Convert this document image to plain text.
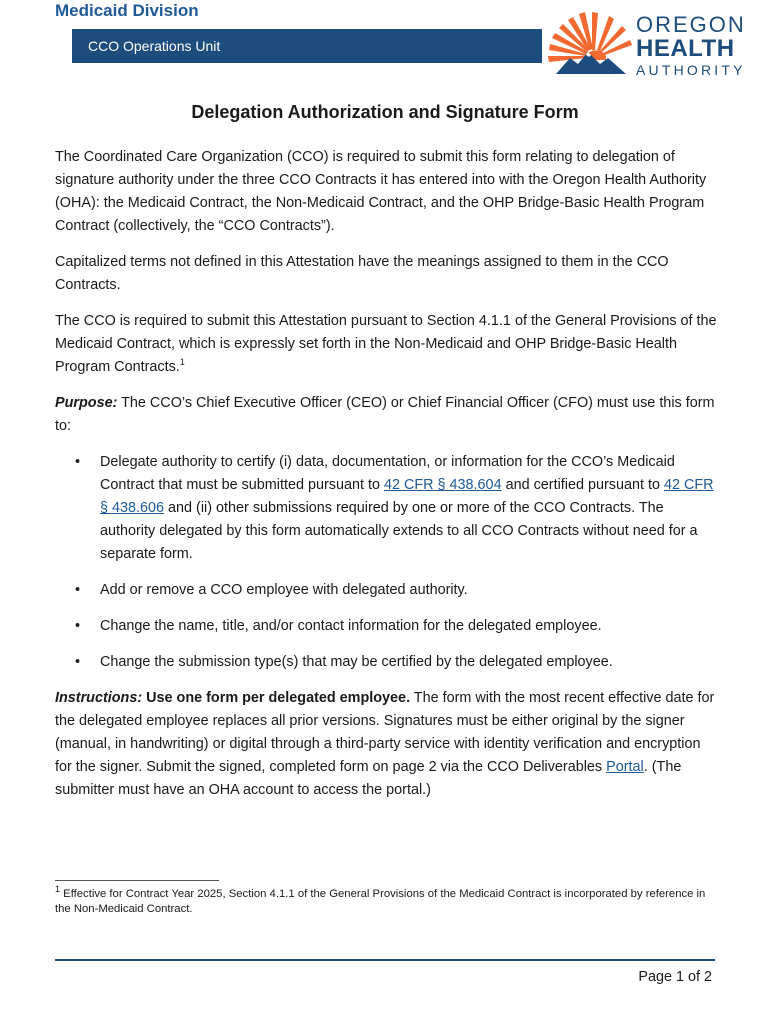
Medicaid Division
CCO Operations Unit
OREGON
HEALTH
AUTHORITY
Delegation Authorization and Signature Form

The Coordinated Care Organization (CCO) is required to submit this form relating to delegation of signature authority under the three CCO Contracts it has entered into with the Oregon Health Authority (OHA): the Medicaid Contract, the Non-Medicaid Contract, and the OHP Bridge-Basic Health Program Contract (collectively, the “CCO Contracts”).

Capitalized terms not defined in this Attestation have the meanings assigned to them in the CCO Contracts.

The CCO is required to submit this Attestation pursuant to Section 4.1.1 of the General Provisions of the Medicaid Contract, which is expressly set forth in the Non-Medicaid and OHP Bridge-Basic Health Program Contracts.$^1$

Purpose: The CCO’s Chief Executive Officer (CEO) or Chief Financial Officer (CFO) must use this form to:

• Delegate authority to certify (i) data, documentation, or information for the CCO’s Medicaid Contract that must be submitted pursuant to 42 CFR § 438.604 and certified pursuant to 42 CFR § 438.606 and (ii) other submissions required by one or more of the CCO Contracts. The authority delegated by this form automatically extends to all CCO Contracts without need for a separate form.
• Add or remove a CCO employee with delegated authority.
• Change the name, title, and/or contact information for the delegated employee.
• Change the submission type(s) that may be certified by the delegated employee.

Instructions: Use one form per delegated employee. The form with the most recent effective date for the delegated employee replaces all prior versions. Signatures must be either original by the signer (manual, in handwriting) or digital through a third-party service with identity verification and encryption for the signer. Submit the signed, completed form on page 2 via the CCO Deliverables Portal. (The submitter must have an OHA account to access the portal.)

$^1$ Effective for Contract Year 2025, Section 4.1.1 of the General Provisions of the Medicaid Contract is incorporated by reference in the Non-Medicaid Contract.
Page 1 of 2
